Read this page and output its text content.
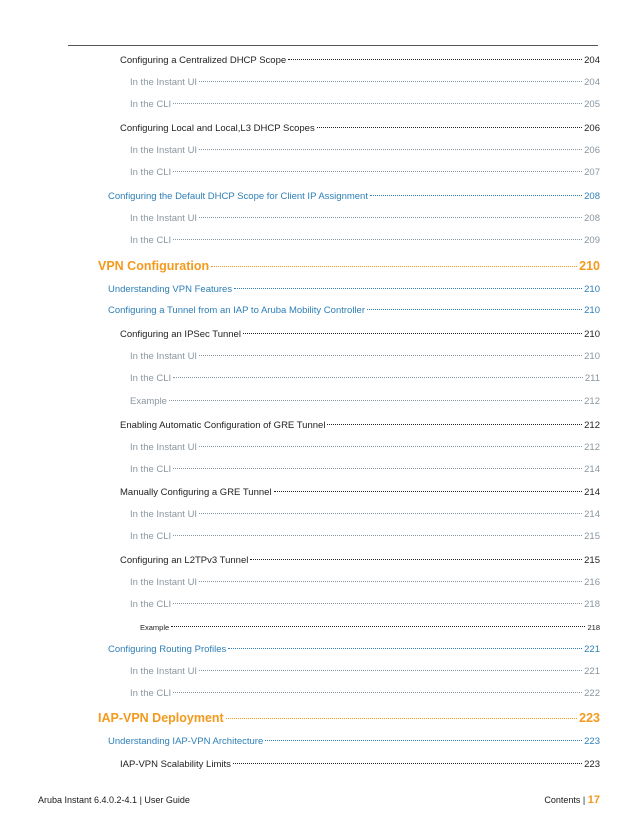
Configuring a Centralized DHCP Scope	204
In the Instant UI	204
In the CLI	205
Configuring Local and Local,L3 DHCP Scopes	206
In the Instant UI	206
In the CLI	207
Configuring the Default DHCP Scope for Client IP Assignment	208
In the Instant UI	208
In the CLI	209
VPN Configuration	210
Understanding VPN Features	210
Configuring a Tunnel from an IAP to Aruba Mobility Controller	210
Configuring an IPSec Tunnel	210
In the Instant UI	210
In the CLI	211
Example	212
Enabling Automatic Configuration of GRE Tunnel	212
In the Instant UI	212
In the CLI	214
Manually Configuring a GRE Tunnel	214
In the Instant UI	214
In the CLI	215
Configuring an L2TPv3 Tunnel	215
In the Instant UI	216
In the CLI	218
Example	218
Configuring Routing Profiles	221
In the Instant UI	221
In the CLI	222
IAP-VPN Deployment	223
Understanding IAP-VPN Architecture	223
IAP-VPN Scalability Limits	223
Aruba Instant 6.4.0.2-4.1 | User Guide	Contents | 17
